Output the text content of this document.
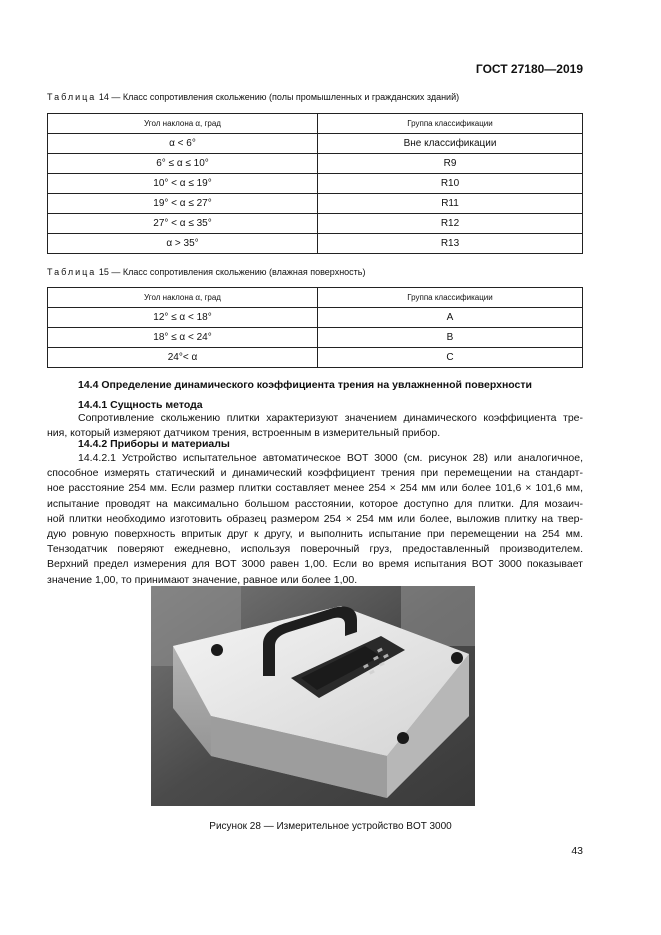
ГОСТ 27180—2019
Таблица 14 — Класс сопротивления скольжению (полы промышленных и гражданских зданий)
Угол наклона α, град	Группа классификации
α < 6°	Вне классификации
6° ≤ α ≤ 10°	R9
10° < α ≤ 19°	R10
19° < α ≤ 27°	R11
27° < α ≤ 35°	R12
α > 35°	R13
Таблица 15 — Класс сопротивления скольжению (влажная поверхность)
Угол наклона α, град	Группа классификации
12° ≤ α < 18°	A
18° ≤ α < 24°	B
24°< α	C
14.4 Определение динамического коэффициента трения на увлажненной поверхности
14.4.1 Сущность метода
Сопротивление скольжению плитки характеризуют значением динамического коэффициента тре-
ния, который измеряют датчиком трения, встроенным в измерительный прибор.
14.4.2 Приборы и материалы
14.4.2.1 Устройство испытательное автоматическое BOT 3000 (см. рисунок 28) или аналогичное,
способное измерять статический и динамический коэффициент трения при перемещении на стандарт-
ное расстояние 254 мм. Если размер плитки составляет менее 254 × 254 мм или более 101,6 × 101,6 мм,
испытание проводят на максимально большом расстоянии, которое доступно для плитки. Для мозаич-
ной плитки необходимо изготовить образец размером 254 × 254 мм или более, выложив плитку на твер-
дую ровную поверхность впритык друг к другу, и выполнить испытание при перемещении на 254 мм.
Тензодатчик поверяют ежедневно, используя поверочный груз, предоставленный производителем.
Верхний предел измерения для BOT 3000 равен 1,00. Если во время испытания BOT 3000 показывает
значение 1,00, то принимают значение, равное или более 1,00.
Рисунок 28 — Измерительное устройство BOT 3000
43
